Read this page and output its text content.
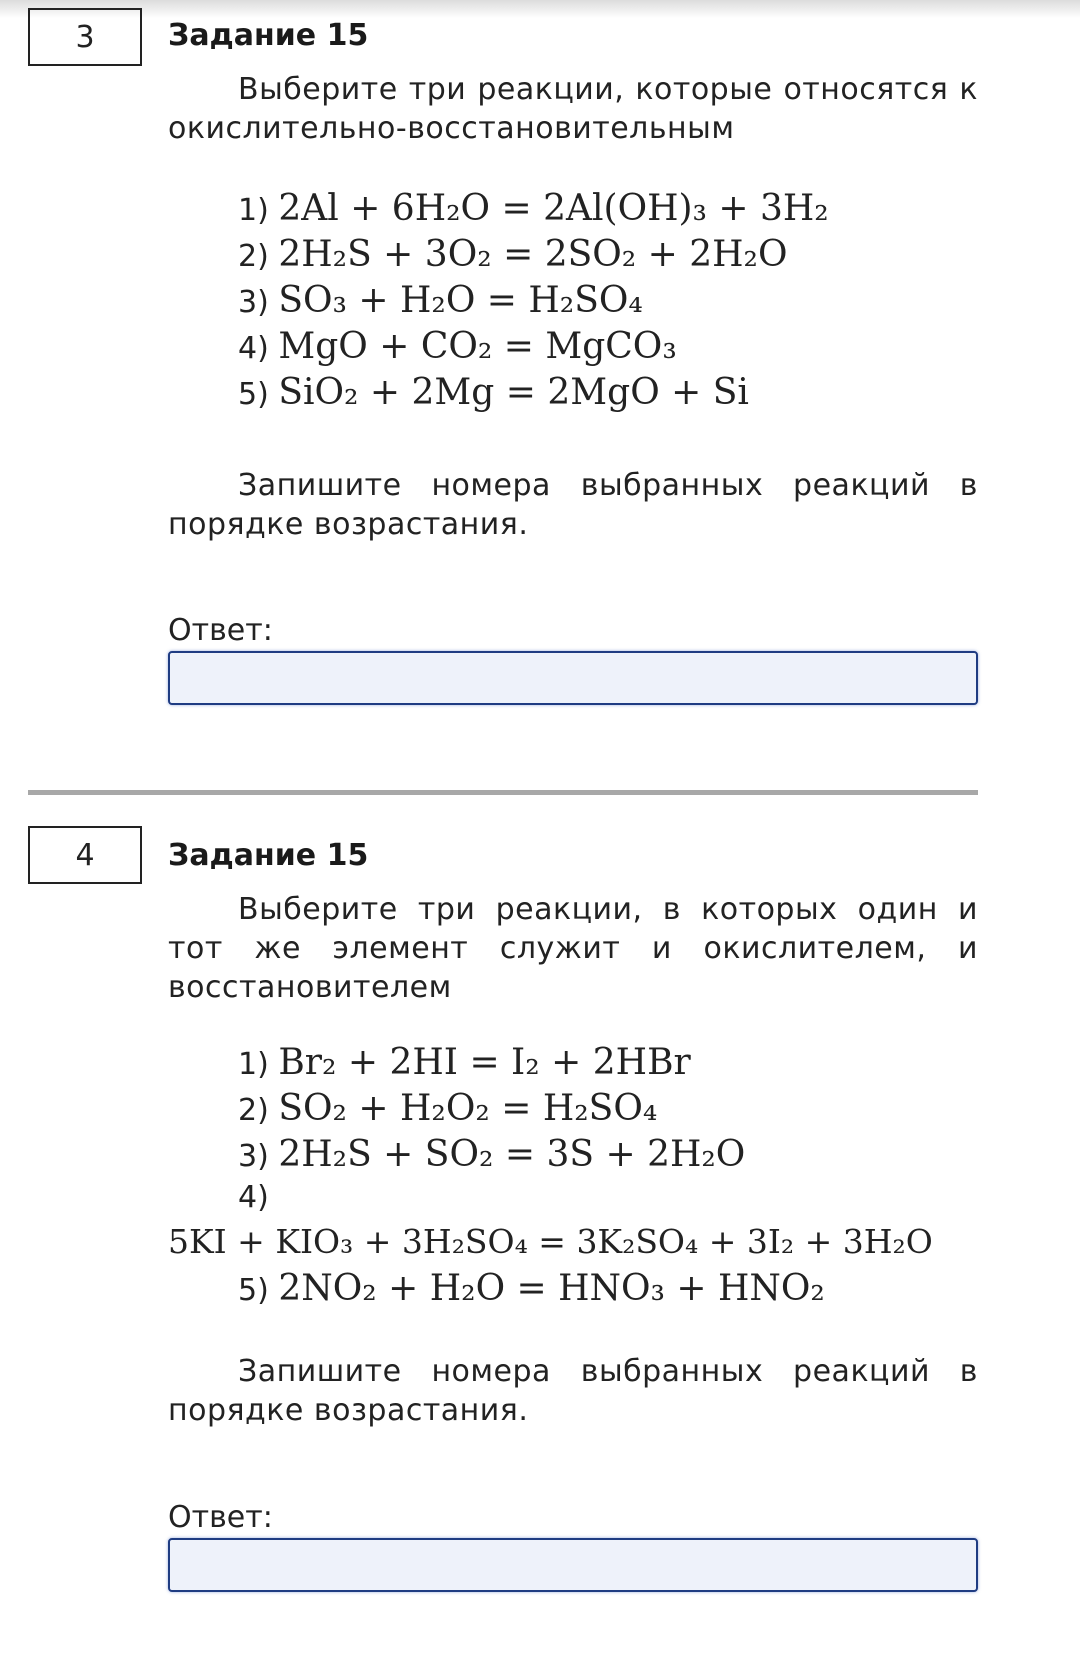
3	Задание 15
Выберите три реакции, которые относятся к окислительно-восстановительным
1) 2Al + 6H₂O = 2Al(OH)₃ + 3H₂
2) 2H₂S + 3O₂ = 2SO₂ + 2H₂O
3) SO₃ + H₂O = H₂SO₄
4) MgO + CO₂ = MgCO₃
5) SiO₂ + 2Mg = 2MgO + Si
Запишите номера выбранных реакций в порядке возрастания.
Ответ:
4	Задание 15
Выберите три реакции, в которых один и тот же элемент служит и окислителем, и восстановителем
1) Br₂ + 2HI = I₂ + 2HBr
2) SO₂ + H₂O₂ = H₂SO₄
3) 2H₂S + SO₂ = 3S + 2H₂O
4)
5KI + KIO₃ + 3H₂SO₄ = 3K₂SO₄ + 3I₂ + 3H₂O
5) 2NO₂ + H₂O = HNO₃ + HNO₂
Запишите номера выбранных реакций в порядке возрастания.
Ответ:
